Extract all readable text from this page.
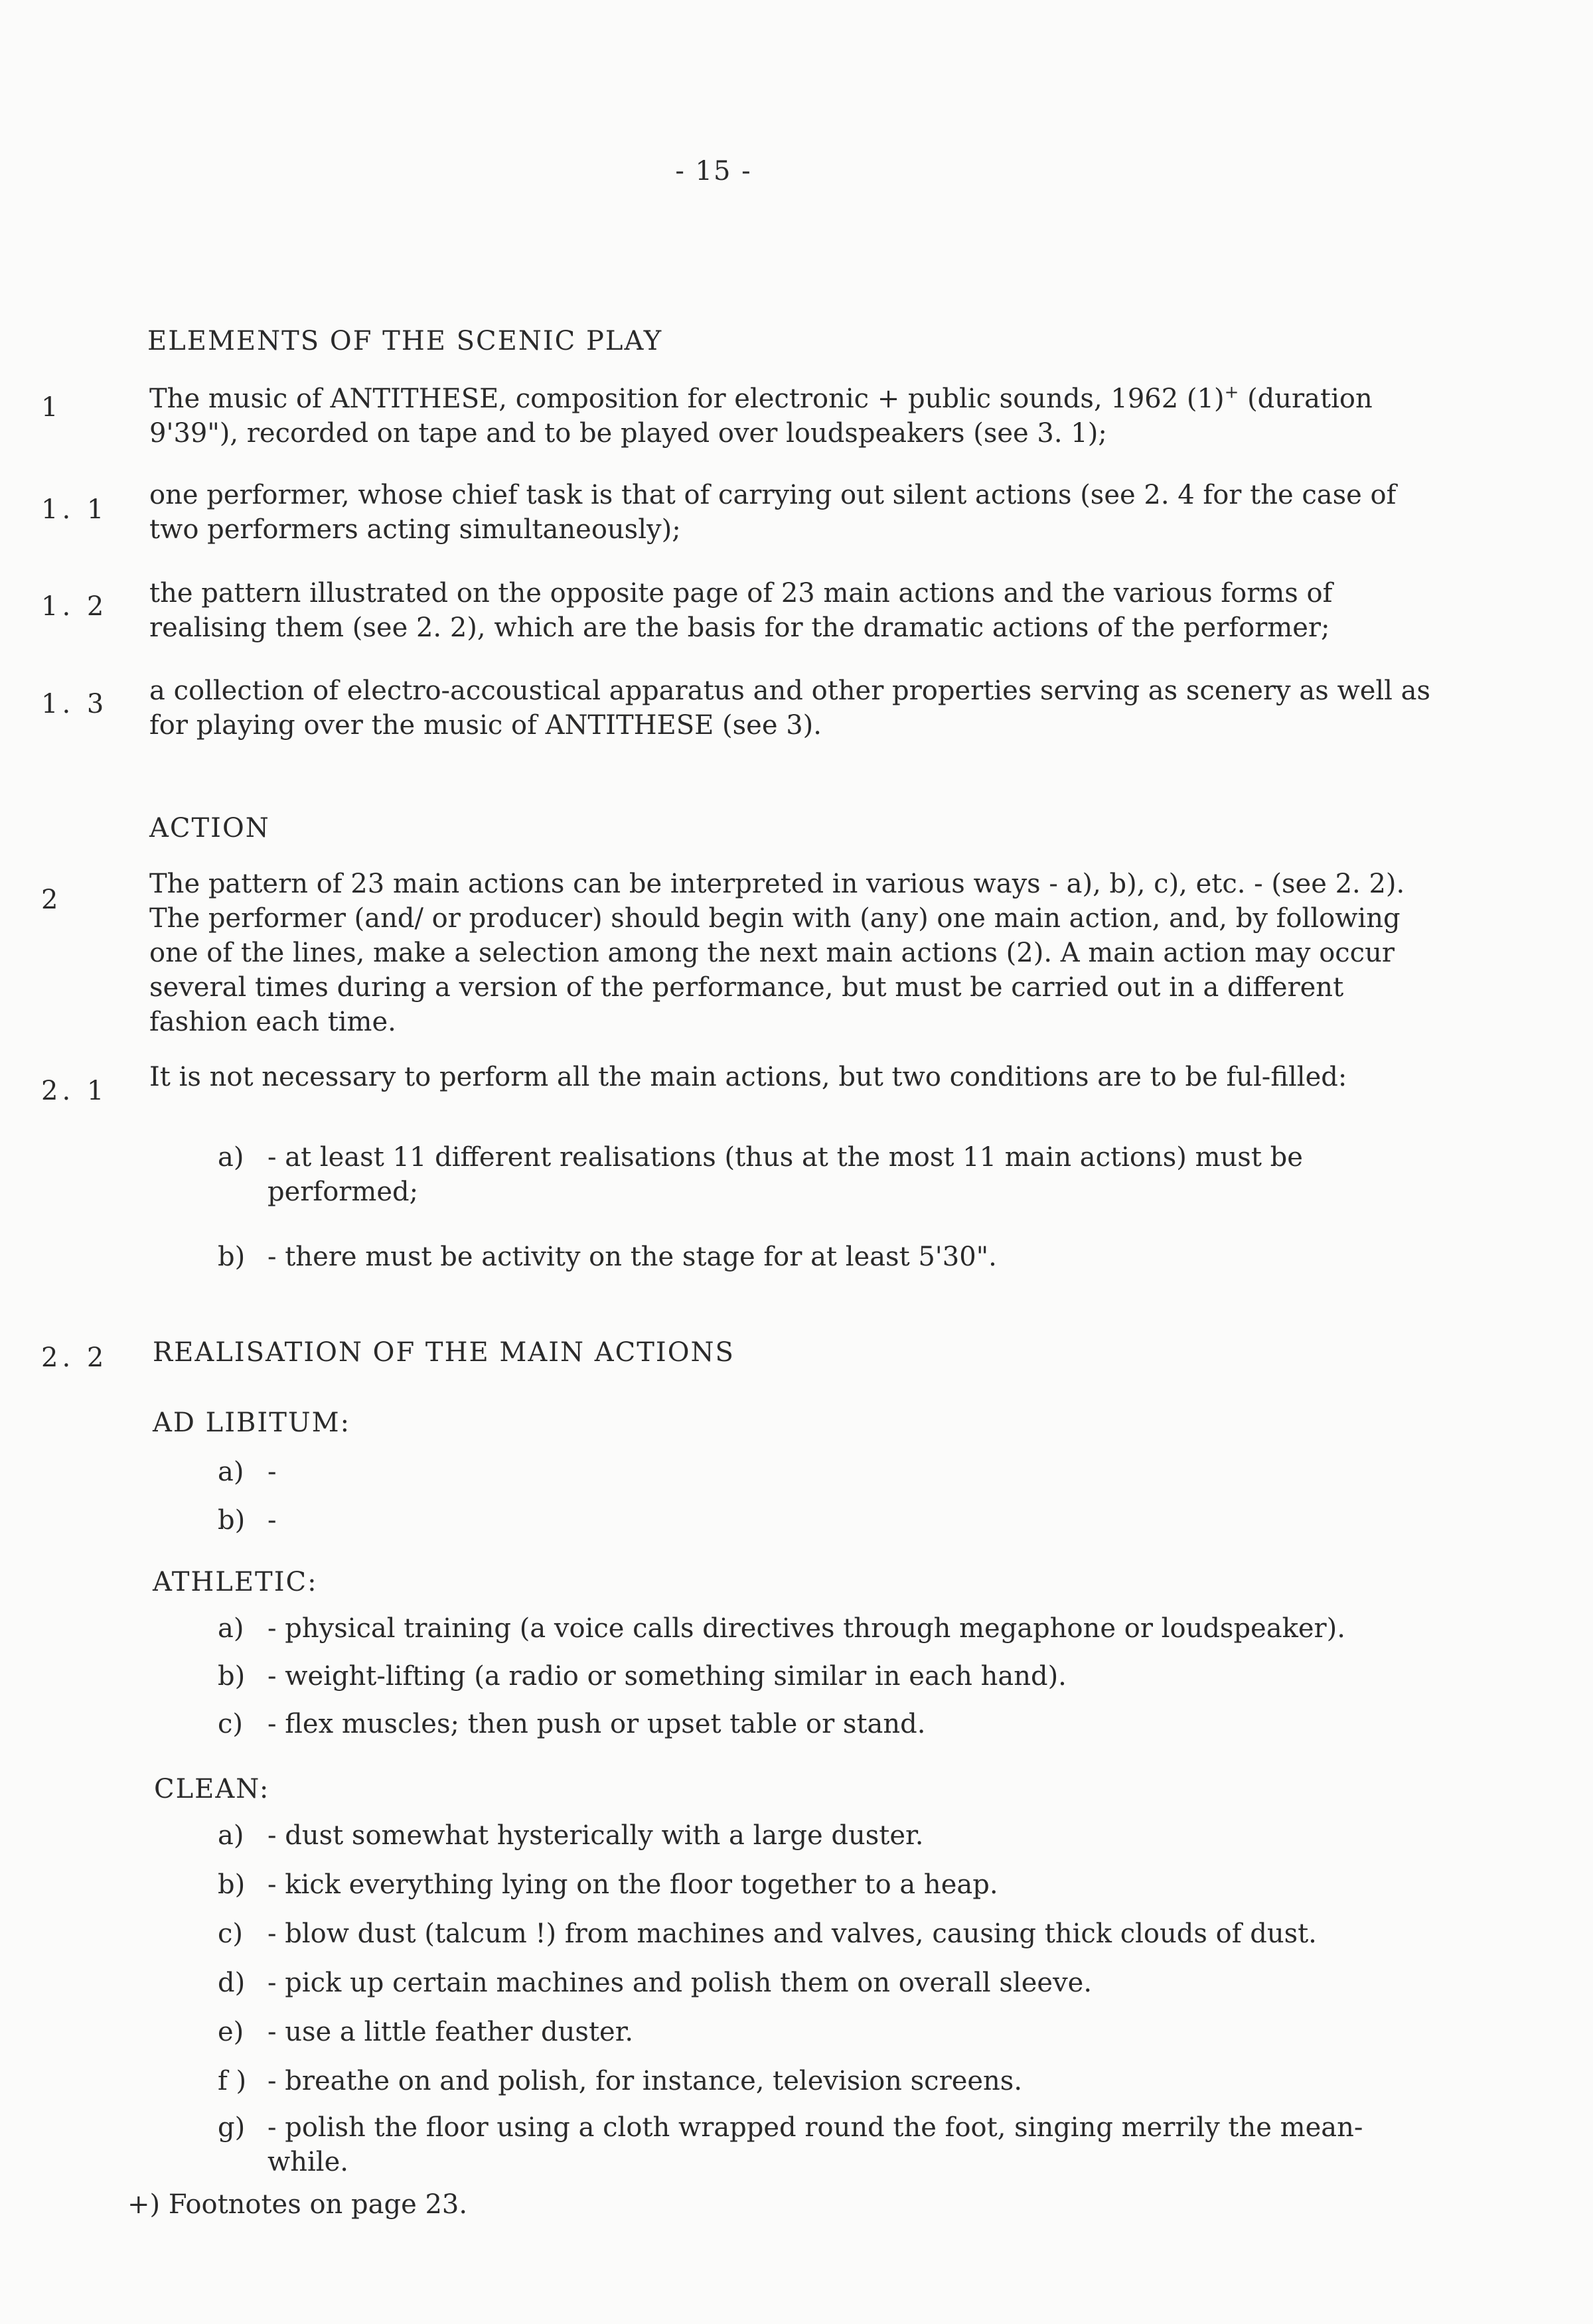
- 15 -
ELEMENTS OF THE SCENIC PLAY
1	The music of ANTITHESE, composition for electronic + public sounds, 1962 (1)+ (duration 9'39"), recorded on tape and to be played over loudspeakers (see 3. 1);
1. 1 one performer, whose chief task is that of carrying out silent actions (see 2. 4 for the case of two performers acting simultaneously);
1. 2 the pattern illustrated on the opposite page of 23 main actions and the various forms of realising them (see 2. 2), which are the basis for the dramatic actions of the performer;
1. 3 a collection of electro-accoustical apparatus and other properties serving as scenery as well as for playing over the music of ANTITHESE (see 3).
ACTION
2
The pattern of 23 main actions can be interpreted in various ways - a), b), c), etc. - (see 2. 2). The performer (and/ or producer) should begin with (any) one main action, and, by following one of the lines, make a selection among the next main actions (2). A main action may occur several times during a version of the performance, but must be carried out in a different fashion each time.
2. 1 It is not necessary to perform all the main actions, but two conditions are to be ful-filled:
a) - at least 11 different realisations (thus at the most 11 main actions) must be performed;
b) - there must be activity on the stage for at least 5'30".
2. 2 REALISATION OF THE MAIN ACTIONS
AD LIBITUM:
a) -
b) -
ATHLETIC:
a) - physical training (a voice calls directives through megaphone or loudspeaker).
b) - weight-lifting (a radio or something similar in each hand).
c) - flex muscles; then push or upset table or stand.
CLEAN:
a) - dust somewhat hysterically with a large duster.
b) - kick everything lying on the floor together to a heap.
c) - blow dust (talcum !) from machines and valves, causing thick clouds of dust.
d) - pick up certain machines and polish them on overall sleeve.
e) - use a little feather duster.
f ) - breathe on and polish, for instance, television screens.
g) - polish the floor using a cloth wrapped round the foot, singing merrily the mean-while.
+) Footnotes on page 23.
